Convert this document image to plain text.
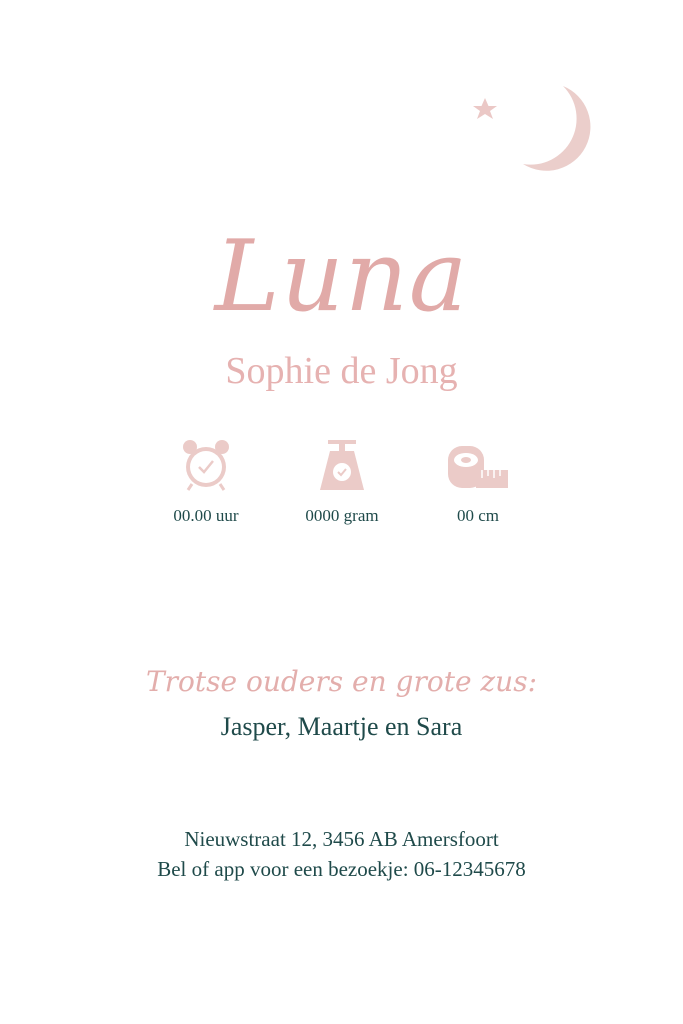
Luna
Sophie de Jong
00.00 uur	0000 gram	00 cm
Trotse ouders en grote zus:
Jasper, Maartje en Sara
Nieuwstraat 12, 3456 AB Amersfoort
Bel of app voor een bezoekje: 06-12345678
